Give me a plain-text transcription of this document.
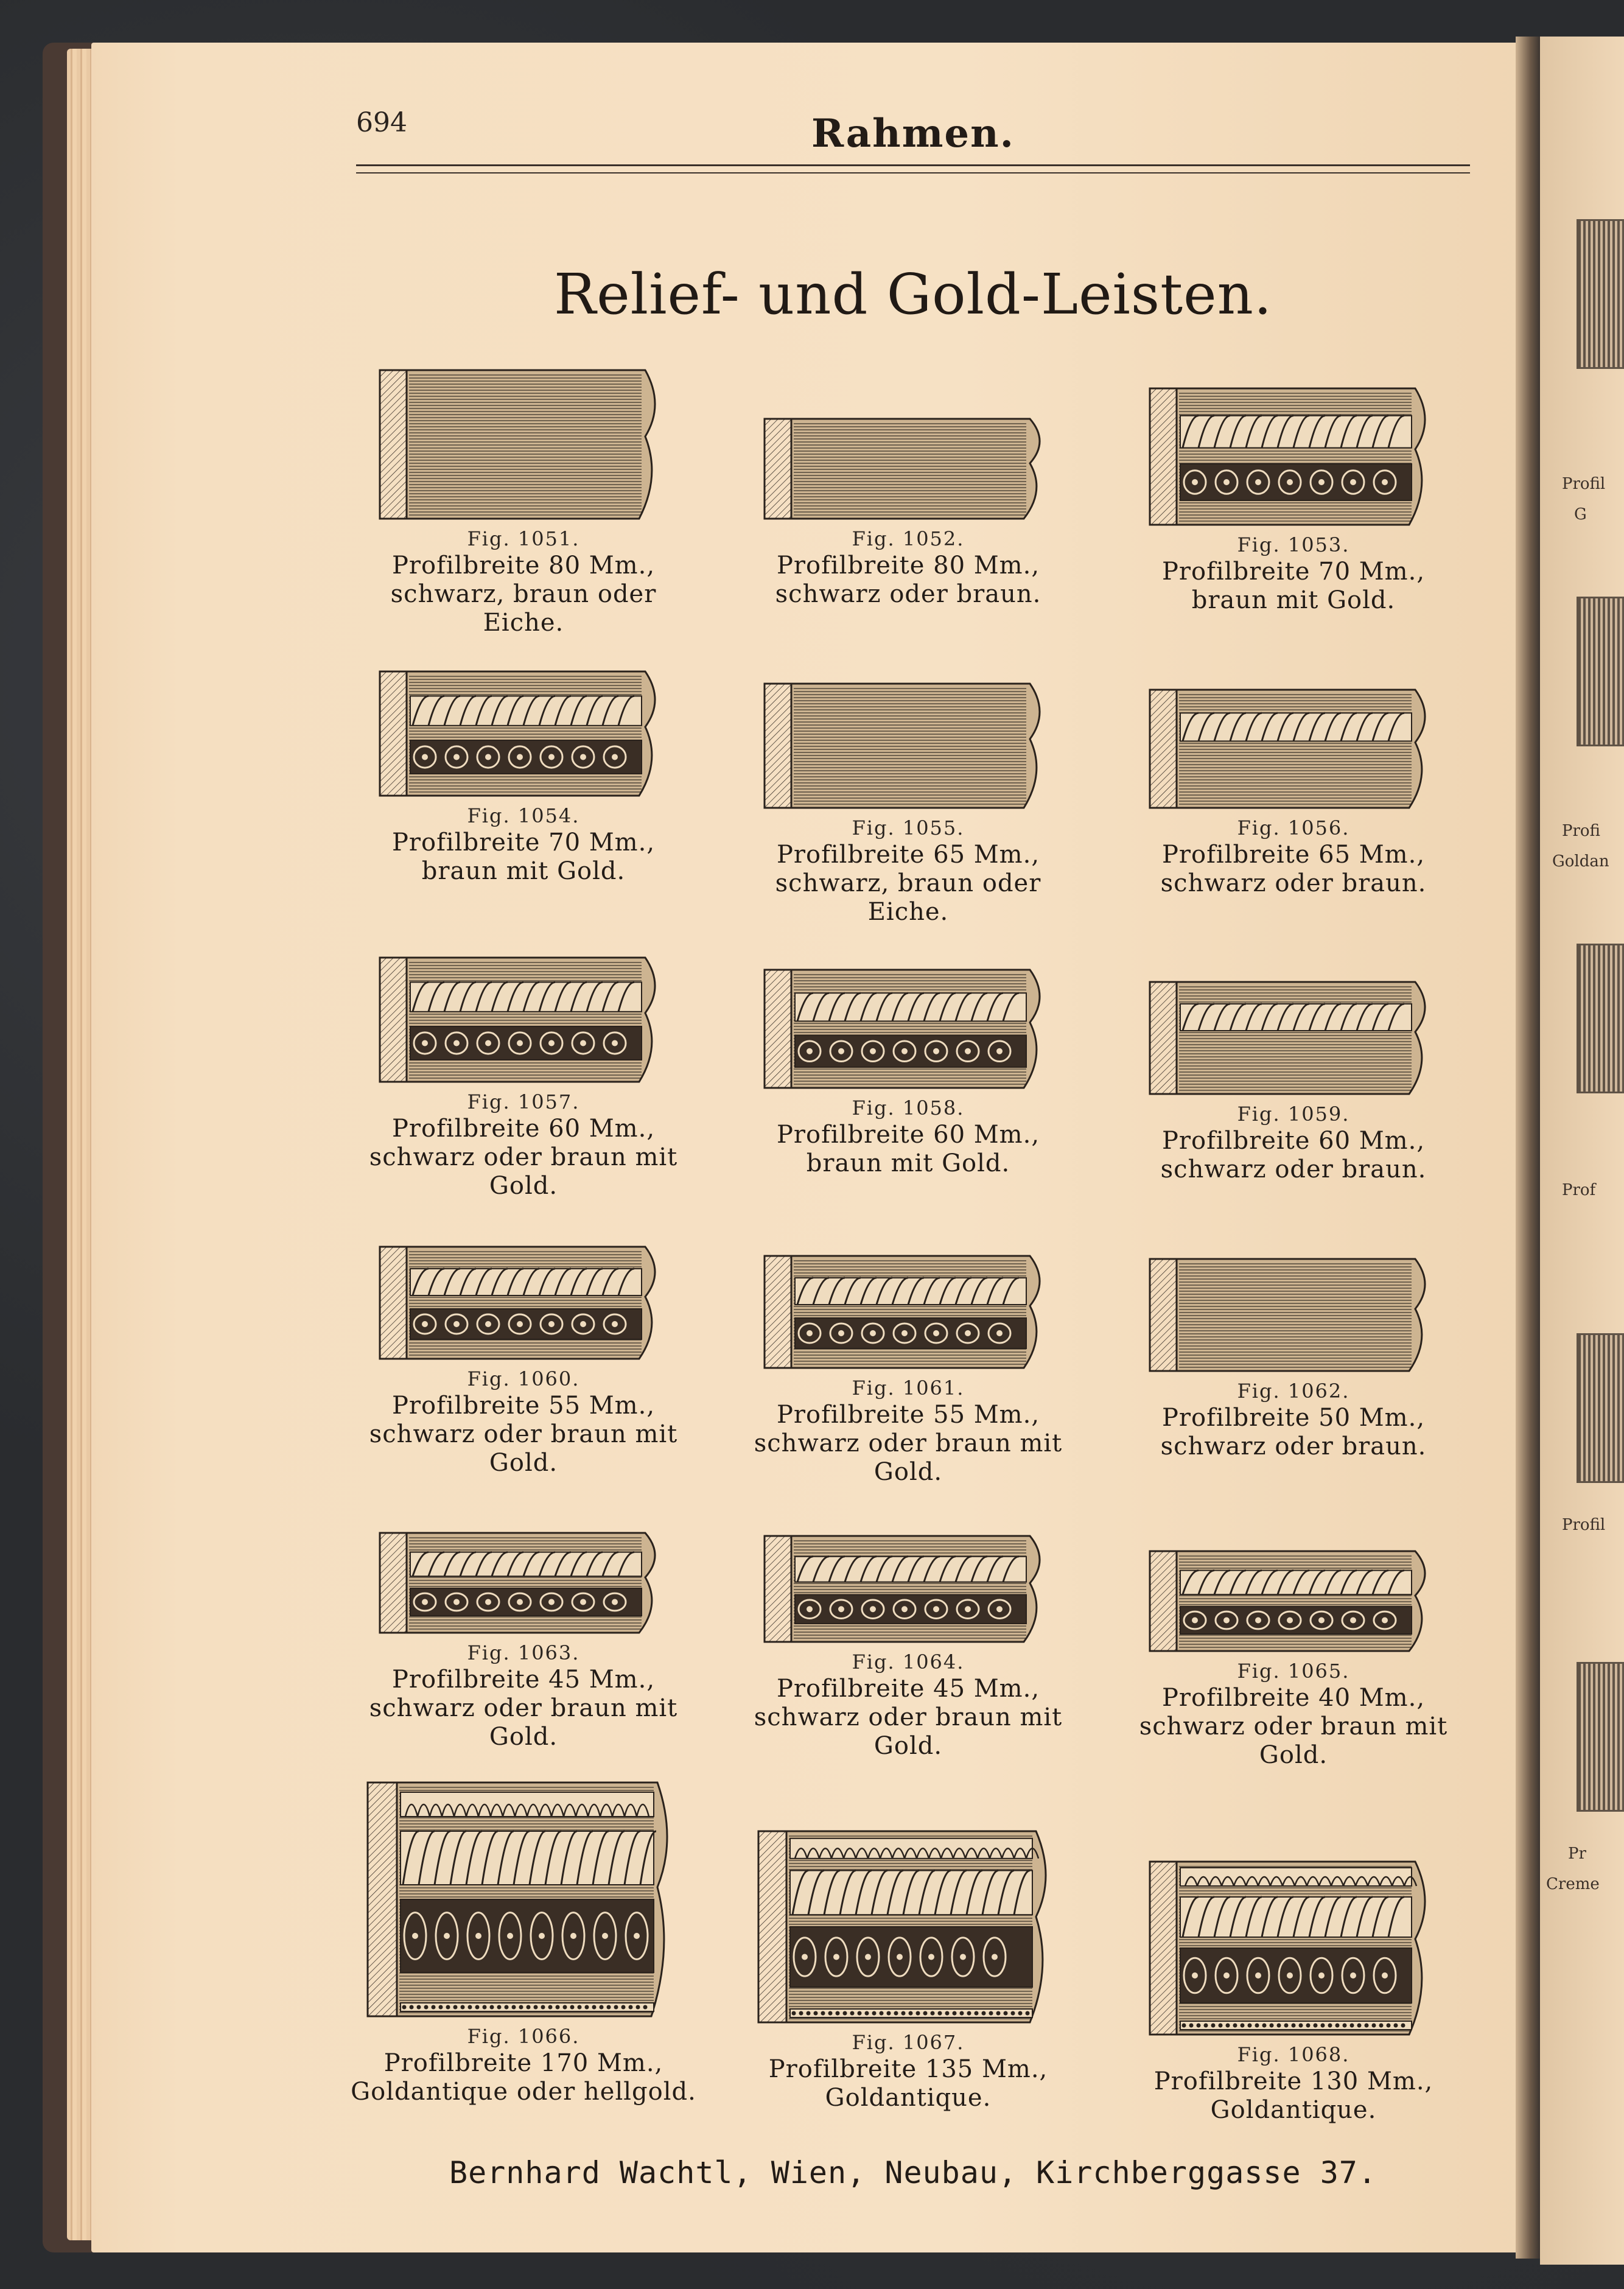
Profil
G
Profi
Goldan
Prof
Profil
Pr
Creme
694	Rahmen.
Relief- und Gold-Leisten.
Fig. 1051.
Profilbreite 80 Mm.,
schwarz, braun oder
Eiche.
Fig. 1052.
Profilbreite 80 Mm.,
schwarz oder braun.
Fig. 1053.
Profilbreite 70 Mm.,
braun mit Gold.
Fig. 1054.
Profilbreite 70 Mm.,
braun mit Gold.
Fig. 1055.
Profilbreite 65 Mm.,
schwarz, braun oder
Eiche.
Fig. 1056.
Profilbreite 65 Mm.,
schwarz oder braun.
Fig. 1057.
Profilbreite 60 Mm.,
schwarz oder braun mit
Gold.
Fig. 1058.
Profilbreite 60 Mm.,
braun mit Gold.
Fig. 1059.
Profilbreite 60 Mm.,
schwarz oder braun.
Fig. 1060.
Profilbreite 55 Mm.,
schwarz oder braun mit
Gold.
Fig. 1061.
Profilbreite 55 Mm.,
schwarz oder braun mit
Gold.
Fig. 1062.
Profilbreite 50 Mm.,
schwarz oder braun.
Fig. 1063.
Profilbreite 45 Mm.,
schwarz oder braun mit
Gold.
Fig. 1064.
Profilbreite 45 Mm.,
schwarz oder braun mit
Gold.
Fig. 1065.
Profilbreite 40 Mm.,
schwarz oder braun mit
Gold.
Fig. 1066.
Profilbreite 170 Mm.,
Goldantique oder hellgold.
Fig. 1067.
Profilbreite 135 Mm.,
Goldantique.
Fig. 1068.
Profilbreite 130 Mm.,
Goldantique.
Bernhard Wachtl, Wien, Neubau, Kirchberggasse 37.
